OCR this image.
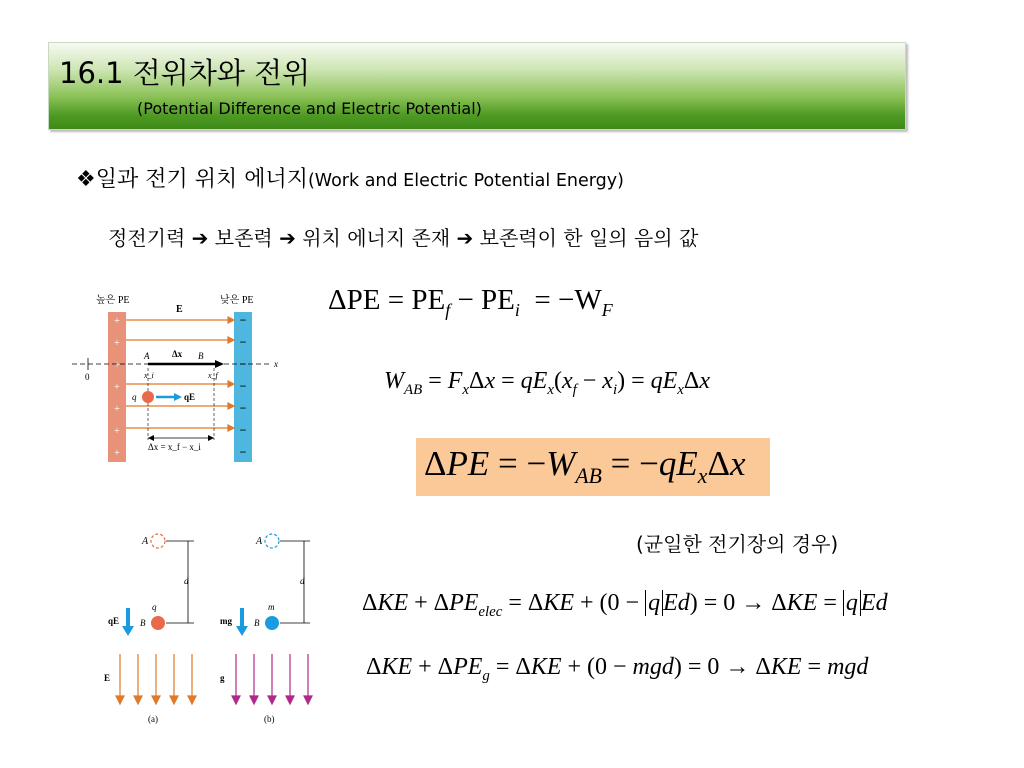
16.1 전위차와 전위
(Potential Difference and Electric Potential)
❖일과 전기 위치 에너지(Work and Electric Potential Energy)
정전기력 ➔ 보존력 ➔ 위치 에너지 존재 ➔ 보존력이 한 일의 음의 값
높은 PE	낮은 PE
E⃗
+
+
+
+
+
+
+
−
−
−
−
−
−
−
0
x
A	Δx⃗ B
x_i	x_f
q	qE⃗
Δx = x_f − x_i
A
d
q
B
qE⃗
E⃗
(a)
A
d
m
B
mg⃗
g⃗
(b)
$\Delta PE = PE_f - PE_i = -W_F$
$W_{AB} = F_x\Delta x = qE_x(x_f - x_i) = qE_x\Delta x$
$\Delta PE = -W_{AB} = -qE_x\Delta x$
(균일한 전기장의 경우)
$\Delta KE + \Delta PE_{elec} = \Delta KE + (0 - q$ Ed) = 0 → ΔKE = q Ed
$\Delta KE + \Delta PE_g = \Delta KE + (0 - mgd) = 0 \to \Delta KE$ = mgd
